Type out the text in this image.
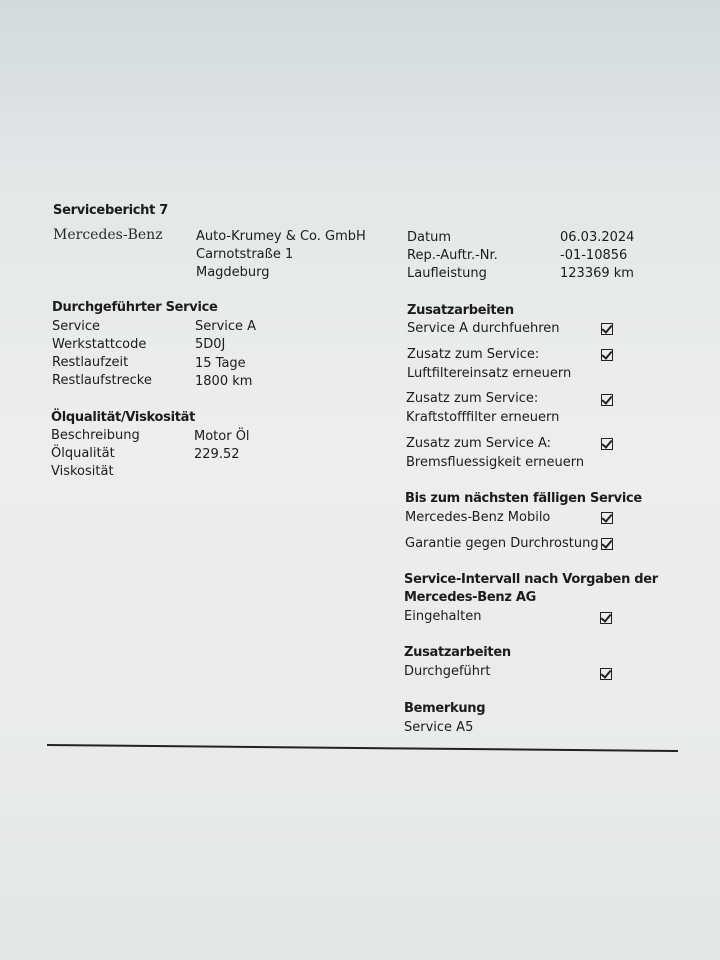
Servicebericht 7
Mercedes-Benz	Auto-Krumey & Co. GmbH
Carnotstraße 1
Magdeburg
Datum	06.03.2024
Rep.-Auftr.-Nr.	-01-10856
Laufleistung	123369 km
Durchgeführter Service
Service	Service A
Werkstattcode	5D0J
Restlaufzeit	15 Tage
Restlaufstrecke	1800 km
Ölqualität/Viskosität
Beschreibung	Motor Öl
Ölqualität	229.52
Viskosität
Zusatzarbeiten
Service A durchfuehren
Zusatz zum Service:
Luftfiltereinsatz erneuern
Zusatz zum Service:
Kraftstofffilter erneuern
Zusatz zum Service A:
Bremsfluessigkeit erneuern
Bis zum nächsten fälligen Service
Mercedes-Benz Mobilo
Garantie gegen Durchrostung
Service-Intervall nach Vorgaben der
Mercedes-Benz AG
Eingehalten
Zusatzarbeiten
Durchgeführt
Bemerkung
Service A5
